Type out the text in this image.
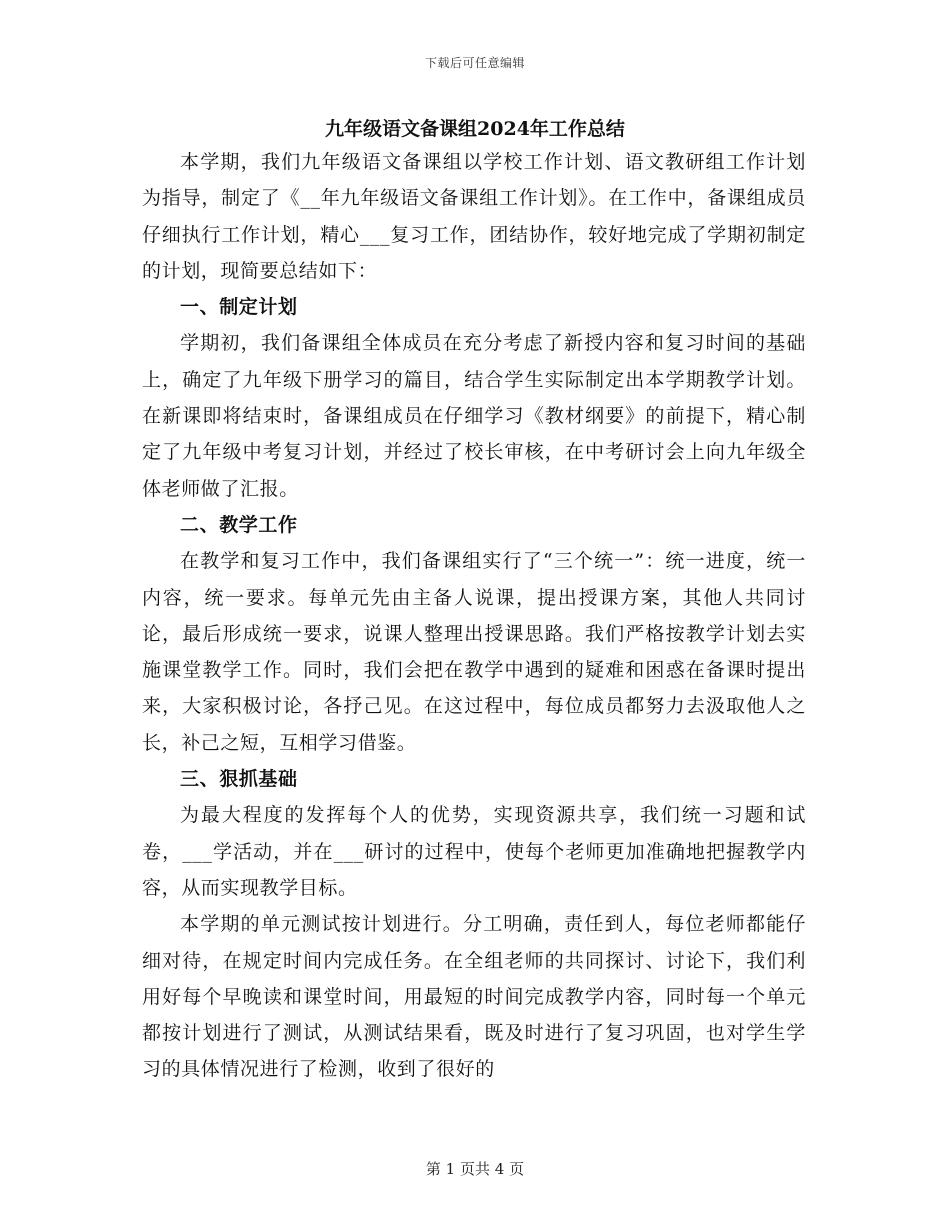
下载后可任意编辑
九年级语文备课组2024年工作总结

本学期，我们九年级语文备课组以学校工作计划、语文教研组工作计划为指导，制定了《__年九年级语文备课组工作计划》。在工作中，备课组成员仔细执行工作计划，精心___复习工作，团结协作，较好地完成了学期初制定的计划，现简要总结如下：

一、制定计划

学期初，我们备课组全体成员在充分考虑了新授内容和复习时间的基础上，确定了九年级下册学习的篇目，结合学生实际制定出本学期教学计划。在新课即将结束时，备课组成员在仔细学习《教材纲要》的前提下，精心制定了九年级中考复习计划，并经过了校长审核，在中考研讨会上向九年级全体老师做了汇报。

二、教学工作

在教学和复习工作中，我们备课组实行了“三个统一”：统一进度，统一内容，统一要求。每单元先由主备人说课，提出授课方案，其他人共同讨论，最后形成统一要求，说课人整理出授课思路。我们严格按教学计划去实施课堂教学工作。同时，我们会把在教学中遇到的疑难和困惑在备课时提出来，大家积极讨论，各抒己见。在这过程中，每位成员都努力去汲取他人之长，补己之短，互相学习借鉴。

三、狠抓基础

为最大程度的发挥每个人的优势，实现资源共享，我们统一习题和试卷，___学活动，并在___研讨的过程中，使每个老师更加准确地把握教学内容，从而实现教学目标。

本学期的单元测试按计划进行。分工明确，责任到人，每位老师都能仔细对待，在规定时间内完成任务。在全组老师的共同探讨、讨论下，我们利用好每个早晚读和课堂时间，用最短的时间完成教学内容，同时每一个单元都按计划进行了测试，从测试结果看，既及时进行了复习巩固，也对学生学习的具体情况进行了检测，收到了很好的

第 1 页共 4 页
